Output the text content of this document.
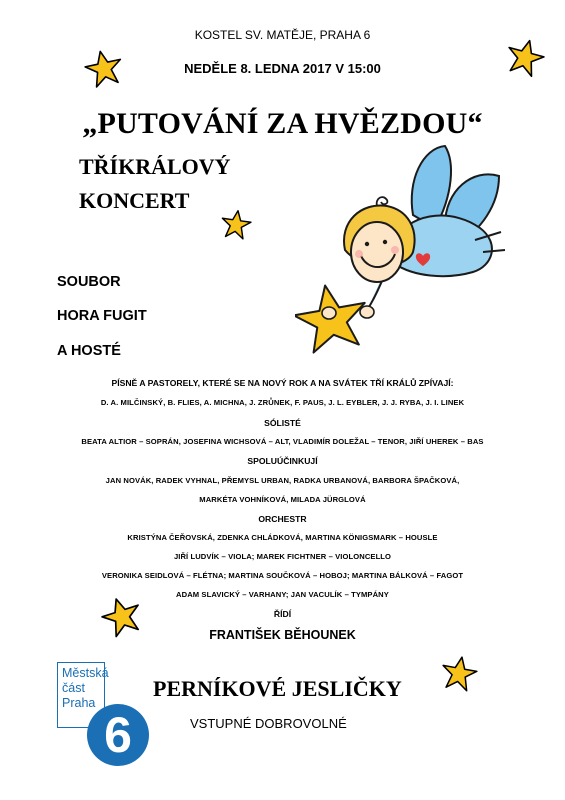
KOSTEL SV. MATĚJE, PRAHA 6
NEDĚLE 8. LEDNA 2017 V 15:00
„PUTOVÁNÍ ZA HVĚZDOU“
TŘÍKRÁLOVÝ
KONCERT
SOUBOR
HORA FUGIT
A HOSTÉ
PÍSNĚ A PASTORELY, KTERÉ SE NA NOVÝ ROK A NA SVÁTEK TŘÍ KRÁLŮ ZPÍVAJÍ:
D. A. MILČINSKÝ, B. FLIES, A. MICHNA, J. ZRŮNEK, F. PAUS, J. L. EYBLER, J. J. RYBA, J. I. LINEK
SÓLISTÉ
BEATA ALTIOR – SOPRÁN, JOSEFINA WICHSOVÁ – ALT, VLADIMÍR DOLEŽAL – TENOR, JIŘÍ UHEREK – BAS
SPOLUÚČINKUJÍ
JAN NOVÁK, RADEK VYHNAL, PŘEMYSL URBAN, RADKA URBANOVÁ, BARBORA ŠPAČKOVÁ,
MARKÉTA VOHNÍKOVÁ, MILADA JÜRGLOVÁ
ORCHESTR
KRISTÝNA ČEŘOVSKÁ, ZDENKA CHLÁDKOVÁ, MARTINA KÖNIGSMARK – HOUSLE
JIŘÍ LUDVÍK – VIOLA; MAREK FICHTNER – VIOLONCELLO
VERONIKA SEIDLOVÁ – FLÉTNA; MARTINA SOUČKOVÁ – HOBOJ; MARTINA BÁLKOVÁ – FAGOT
ADAM SLAVICKÝ – VARHANY; JAN VACULÍK – TYMPÁNY
ŘÍDÍ
FRANTIŠEK BĚHOUNEK
PERNÍKOVÉ JESLIČKY
VSTUPNÉ DOBROVOLNÉ
Městská
část
Praha
6
